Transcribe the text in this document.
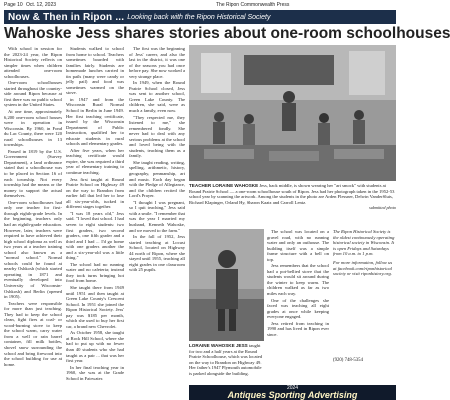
Page 10 Oct. 12, 2023	The Ripon Commonwealth Press
Now & Then in Ripon ... Looking back with the Ripon Historical Society
Wahoske Jess shares stories about one-room schoolhouses

With school in session for the 2023-24 year, the Ripon Historical Society reflects on simpler times when children attended one-room schoolhouses.

One-room schoolhouses started throughout the country-side around Ripon because at first there was no public school system in the United States.

At one time, approximately 6,200 one-room school houses were in operation in Wisconsin. By 1960, in Fond du Lac County, there were 120 rural schoolhouses in 13 townships.

Passed in 1819 by the U.S. Government (Survey Department), a land ordinance stated that a schoolhouse was to be placed in Section 16 of each township. Not every township had the means or the money to support the actual themselves.

One-room schoolhouses had only one teacher for first- through eighth-grade levels. In the beginning, teachers only had an eighth-grade education. However, later, teachers were required to have achieved their high school diploma as well as two years at a teacher training school also known as a "normal school." Normal schools could be found at nearby Oshkosh (which started operating in 1871 and eventually developed into University of Wisconsin-Oshkosh) and Berlin (opened in 1905).

Teachers were responsible for more than just teaching. They had to keep the school clean, fight fires at coal- or wood-burning stove to keep the school warm, carry water from a well or rain barrel container, fill milk bottles, shovel snow surrounding the school and bring firewood into the school building for use at home.

Students walked to school from home to school. Teachers sometimes boarded with families fairly. Students are homemade lunches carried in tin pails (many were candy or jelly pail) and food was sometimes warmed on the stove.

in 1947 and from the Wisconsin Rural Normal School in Berlin in June 1949. Her first teaching certificate, issued by the Wisconsin Department of Public Instruction, qualified her to educate students in rural schools and elementary grades.

After five years, when her teaching certificate would expire, she was required a third year of elementary training to continue teaching.

Jess first taught at Round Prairie School on Highway 49 on the way to Brandon from earlier fall that led her to lose all six-year-olds, tucked in different stages together.

"I was 18 years old," Jess said. "I loved that school. I had seven to eight students: two first graders, two second graders, one fifth grader and a third and I had ... I'd go home with one graders another the and a six-year-old was a little thing."

The school had no running water and no cafeteria; instead they took turns bringing hot food from home.

She taught there from 1949 until 1951 and then taught at Green Lake County's Crescent School. In 1951 she joined the Ripon Historical Society. Jess' pay was $185 per month, which she used to buy her first car, a brand new Chevrolet.

As October 1958, she taught at Rock Hill School, where she had to put up with no fewer than 40 students who she had taught as a pair ... that was her first year.

In her final teaching year in 1960, she was at the Grade School in Fairwater.

The first was the beginning of Jess' career, and also the last in the district, it was one of the seasons you had once before pay. She now worked a very strange place.

In 1949, when the Round Prairie School closed, Jess was sent to another school, Green Lake County. The children, she said, were as much a family, even now.

"They respected me, they listened to me," she remembered fondly. She never had to deal with any serious problems at the school and loved being with the students, teaching them as a family.

She taught reading, writing, spelling, arithmetic, history, geography, penmanship, art and music. Each day began with the Pledge of Allegiance, and the children recited the Lord's Prayer.

"I thought I was pregnant, so I quit teaching," Jess said with a smile. "I remember that was the year I married my husband, Kenneth Wahoske, and we moved to the farm."

In the fall of 1952, Jess started teaching at Locust School, located on Highway 44 north of Ripon, where she stayed until 1955, teaching all eight grades in one classroom with 25 pupils.

TEACHER LORAINE WAHOSKE Jess, back middle, is shown wearing her "art smock" with students at Round Prairie School — a one-room schoolhouse south of Ripon. Jess had her photograph taken in the 1952-53 school year by scanning the artwork. Among the students in the photo are Arden Flessner, Delwin VanderSluis, Richard Klapinger, Orland Hy, Sharon Kaatz and Carroll Lentz.
submitted photo
LORAINE WAHOSKE JESS taught for two and a half years at the Round Prairie Schoolhouse, which was located on the way to Brandon on Highway 49. Her father's 1947 Plymouth automobile is parked alongside the building.

The school was located on a gravel road, with no running water and only an outhouse. The building itself was a simple frame structure with a bell on top.

Jess remembers that the school had a pot-bellied stove that the students would sit around during the winter to keep warm. The children walked as far as two miles each way.

One of the challenges she faced was teaching all eight grades at once while keeping everyone engaged.

Jess retired from teaching in 1990 and has lived in Ripon ever since.

The Ripon Historical Society is the oldest continuously operating historical society in Wisconsin. It is open Fridays and Saturdays from 10 a.m. to 1 p.m.

For more information, follow us at facebook.com/riponhistorical society or visit riponhistory.org.

(920) 748-5354
2024
Antiques Sporting Advertising
